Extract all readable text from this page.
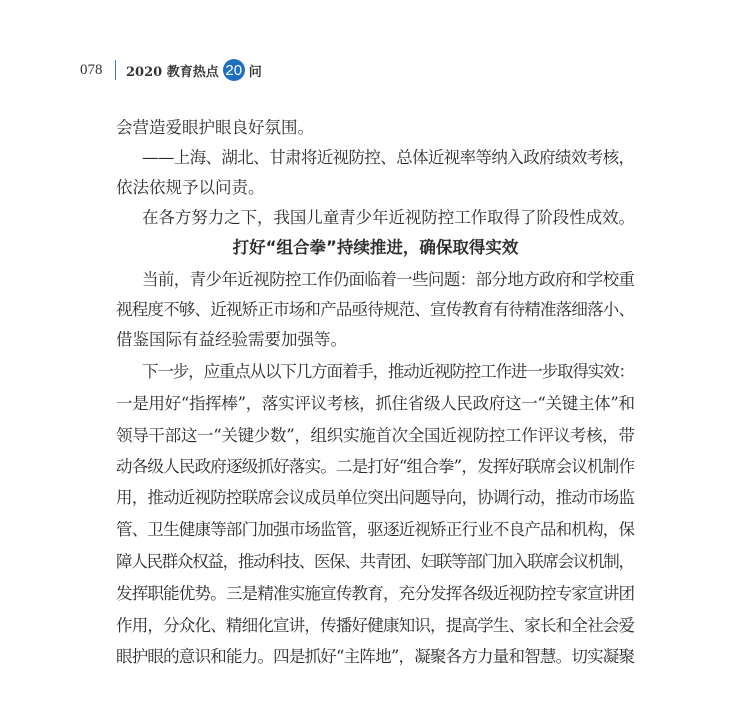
078 2020 教育热点 20 问
会营造爱眼护眼良好氛围。
——上海、湖北、甘肃将近视防控、总体近视率等纳入政府绩效考核，
依法依规予以问责。
在各方努力之下，我国儿童青少年近视防控工作取得了阶段性成效。
打好“组合拳”持续推进，确保取得实效
当前，青少年近视防控工作仍面临着一些问题：部分地方政府和学校重
视程度不够、近视矫正市场和产品亟待规范、宣传教育有待精准落细落小、
借鉴国际有益经验需要加强等。
下一步，应重点从以下几方面着手，推动近视防控工作进一步取得实效：
一是用好“指挥棒”，落实评议考核，抓住省级人民政府这一“关键主体”和
领导干部这一“关键少数”，组织实施首次全国近视防控工作评议考核，带
动各级人民政府逐级抓好落实。二是打好“组合拳”，发挥好联席会议机制作
用，推动近视防控联席会议成员单位突出问题导向，协调行动，推动市场监
管、卫生健康等部门加强市场监管，驱逐近视矫正行业不良产品和机构，保
障人民群众权益，推动科技、医保、共青团、妇联等部门加入联席会议机制，
发挥职能优势。三是精准实施宣传教育，充分发挥各级近视防控专家宣讲团
作用，分众化、精细化宣讲，传播好健康知识，提高学生、家长和全社会爱
眼护眼的意识和能力。四是抓好“主阵地”，凝聚各方力量和智慧。切实凝聚
